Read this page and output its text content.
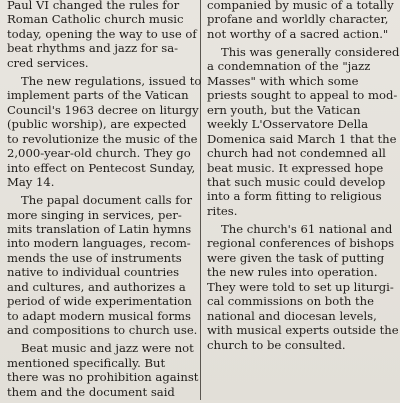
Paul VI changed the rules for
Roman Catholic church music
today, opening the way to use of
beat rhythms and jazz for sa-
cred services.

The new regulations, issued to
implement parts of the Vatican
Council's 1963 decree on liturgy
(public worship), are expected
to revolutionize the music of the
2,000-year-old church. They go
into effect on Pentecost Sunday,
May 14.

The papal document calls for
more singing in services, per-
mits translation of Latin hymns
into modern languages, recom-
mends the use of instruments
native to individual countries
and cultures, and authorizes a
period of wide experimentation
to adapt modern musical forms
and compositions to church use.

Beat music and jazz were not
mentioned specifically. But
there was no prohibition against
them and the document said

companied by music of a totally
profane and worldly character,
not worthy of a sacred action."

This was generally considered
a condemnation of the "jazz
Masses" with which some
priests sought to appeal to mod-
ern youth, but the Vatican
weekly L'Osservatore Della
Domenica said March 1 that the
church had not condemned all
beat music. It expressed hope
that such music could develop
into a form fitting to religious
rites.

The church's 61 national and
regional conferences of bishops
were given the task of putting
the new rules into operation.
They were told to set up liturgi-
cal commissions on both the
national and diocesan levels,
with musical experts outside the
church to be consulted.
